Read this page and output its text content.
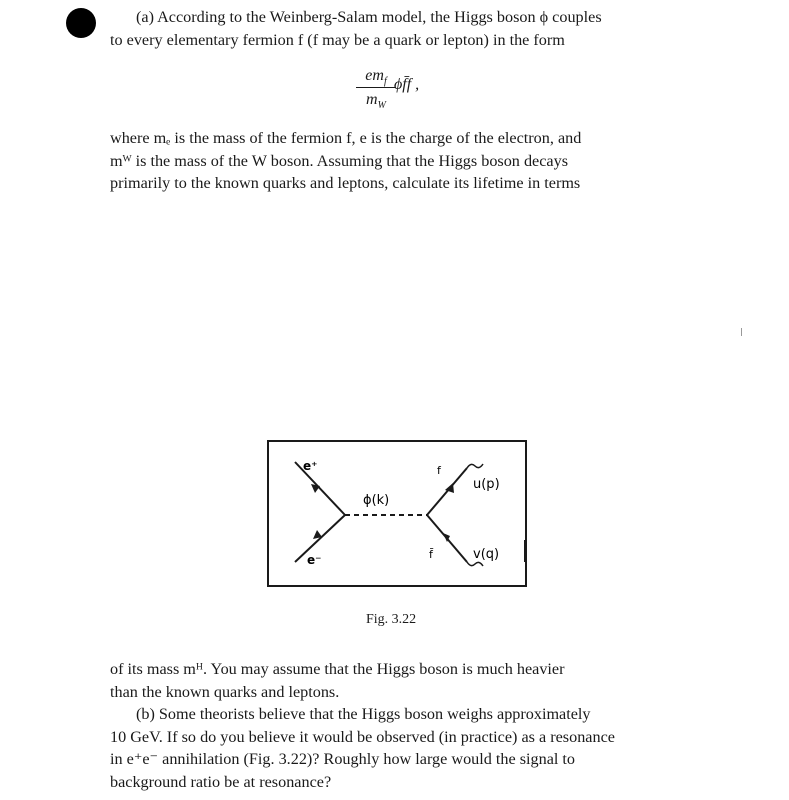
(a) According to the Weinberg-Salam model, the Higgs boson ϕ couples
to every elementary fermion f (f may be a quark or lepton) in the form
$em_f$
$m_W$
ϕf̄f ,
where mₑ is the mass of the fermion f, e is the charge of the electron, and
mᵂ is the mass of the W boson. Assuming that the Higgs boson decays
primarily to the known quarks and leptons, calculate its lifetime in terms
e⁺
e⁻
ϕ(k)
f
f̄
u(p)
v(q)
Fig. 3.22
of its mass mᴴ. You may assume that the Higgs boson is much heavier
than the known quarks and leptons.
(b) Some theorists believe that the Higgs boson weighs approximately
10 GeV. If so do you believe it would be observed (in practice) as a resonance
in e⁺e⁻ annihilation (Fig. 3.22)? Roughly how large would the signal to
background ratio be at resonance?
